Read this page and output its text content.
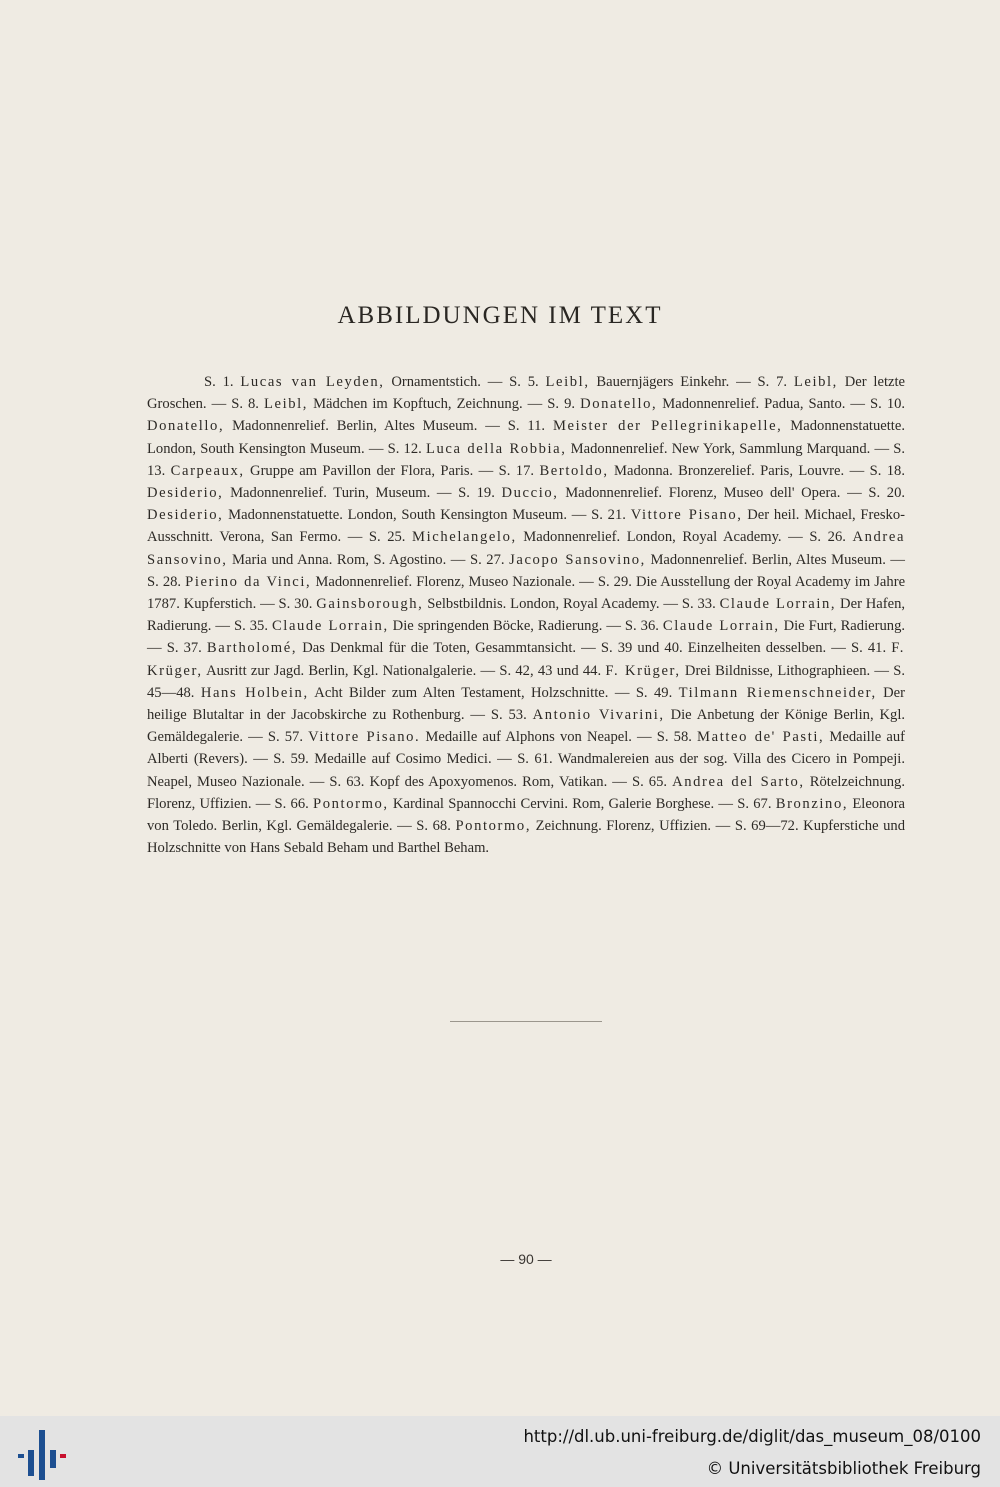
ABBILDUNGEN IM TEXT
S. 1. Lucas van Leyden, Ornamentstich. — S. 5. Leibl, Bauernjägers Einkehr. — S. 7. Leibl, Der letzte Groschen. — S. 8. Leibl, Mädchen im Kopftuch, Zeichnung. — S. 9. Donatello, Madonnenrelief. Padua, Santo. — S. 10. Donatello, Madonnenrelief. Berlin, Altes Museum. — S. 11. Meister der Pellegrinikapelle, Madonnenstatuette. London, South Kensington Museum. — S. 12. Luca della Robbia, Madonnenrelief. New York, Sammlung Marquand. — S. 13. Carpeaux, Gruppe am Pavillon der Flora, Paris. — S. 17. Bertoldo, Madonna. Bronzerelief. Paris, Louvre. — S. 18. Desiderio, Madonnenrelief. Turin, Museum. — S. 19. Duccio, Madonnenrelief. Florenz, Museo dell' Opera. — S. 20. Desiderio, Madonnenstatuette. London, South Kensington Museum. — S. 21. Vittore Pisano, Der heil. Michael, Fresko-Ausschnitt. Verona, San Fermo. — S. 25. Michelangelo, Madonnenrelief. London, Royal Academy. — S. 26. Andrea Sansovino, Maria und Anna. Rom, S. Agostino. — S. 27. Jacopo Sansovino, Madonnenrelief. Berlin, Altes Museum. — S. 28. Pierino da Vinci, Madonnenrelief. Florenz, Museo Nazionale. — S. 29. Die Ausstellung der Royal Academy im Jahre 1787. Kupferstich. — S. 30. Gainsborough, Selbstbildnis. London, Royal Academy. — S. 33. Claude Lorrain, Der Hafen, Radierung. — S. 35. Claude Lorrain, Die springenden Böcke, Radierung. — S. 36. Claude Lorrain, Die Furt, Radierung. — S. 37. Bartholomé, Das Denkmal für die Toten, Gesammtansicht. — S. 39 und 40. Einzelheiten desselben. — S. 41. F. Krüger, Ausritt zur Jagd. Berlin, Kgl. Nationalgalerie. — S. 42, 43 und 44. F. Krüger, Drei Bildnisse, Lithographieen. — S. 45—48. Hans Holbein, Acht Bilder zum Alten Testament, Holzschnitte. — S. 49. Tilmann Riemenschneider, Der heilige Blutaltar in der Jacobskirche zu Rothenburg. — S. 53. Antonio Vivarini, Die Anbetung der Könige Berlin, Kgl. Gemäldegalerie. — S. 57. Vittore Pisano. Medaille auf Alphons von Neapel. — S. 58. Matteo de' Pasti, Medaille auf Alberti (Revers). — S. 59. Medaille auf Cosimo Medici. — S. 61. Wandmalereien aus der sog. Villa des Cicero in Pompeji. Neapel, Museo Nazionale. — S. 63. Kopf des Apoxyomenos. Rom, Vatikan. — S. 65. Andrea del Sarto, Rötelzeichnung. Florenz, Uffizien. — S. 66. Pontormo, Kardinal Spannocchi Cervini. Rom, Galerie Borghese. — S. 67. Bronzino, Eleonora von Toledo. Berlin, Kgl. Gemäldegalerie. — S. 68. Pontormo, Zeichnung. Florenz, Uffizien. — S. 69—72. Kupferstiche und Holzschnitte von Hans Sebald Beham und Barthel Beham.
— 90 —
http://dl.ub.uni-freiburg.de/diglit/das_museum_08/0100
© Universitätsbibliothek Freiburg
